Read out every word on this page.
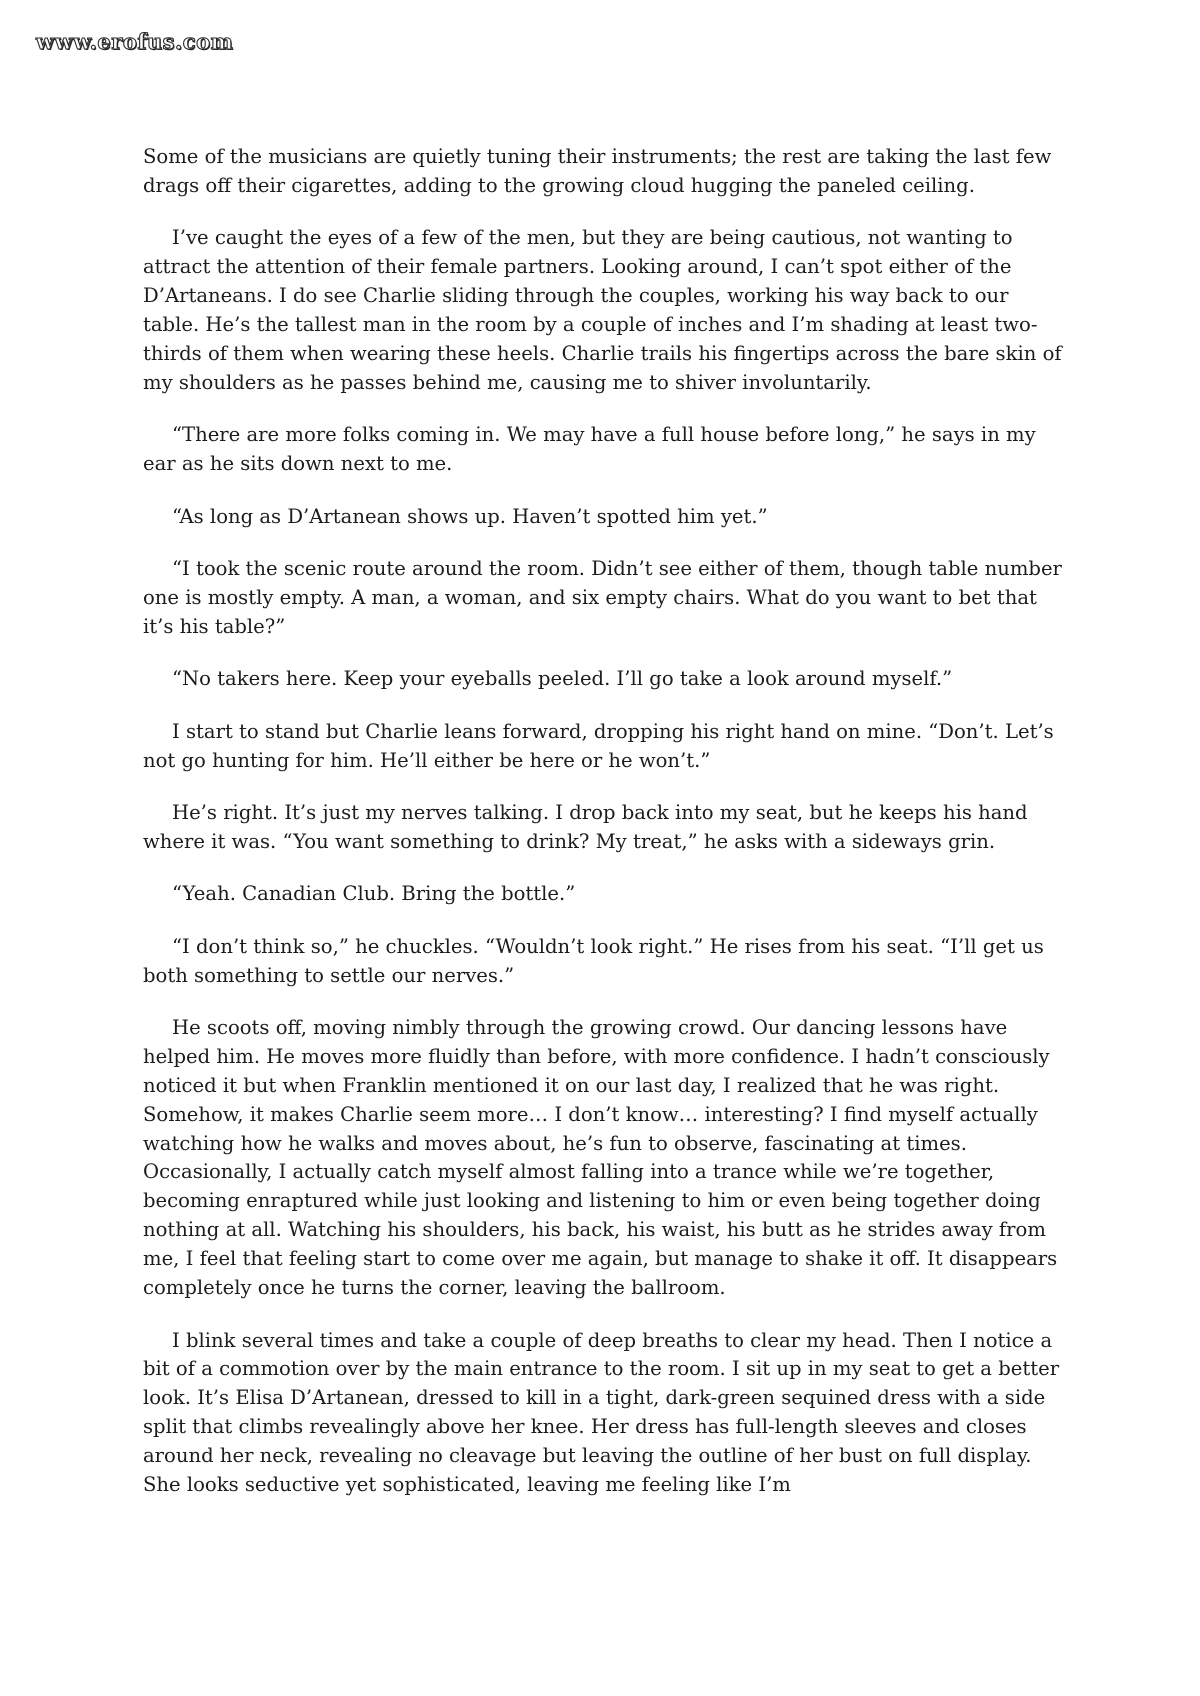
www.erofus.com

Some of the musicians are quietly tuning their instruments; the rest are taking the last few drags off their cigarettes, adding to the growing cloud hugging the paneled ceiling.

I’ve caught the eyes of a few of the men, but they are being cautious, not wanting to attract the attention of their female partners. Looking around, I can’t spot either of the D’Artaneans. I do see Charlie sliding through the couples, working his way back to our table. He’s the tallest man in the room by a couple of inches and I’m shading at least two-thirds of them when wearing these heels. Charlie trails his fingertips across the bare skin of my shoulders as he passes behind me, causing me to shiver involuntarily.

“There are more folks coming in. We may have a full house before long,” he says in my ear as he sits down next to me.

“As long as D’Artanean shows up. Haven’t spotted him yet.”

“I took the scenic route around the room. Didn’t see either of them, though table number one is mostly empty. A man, a woman, and six empty chairs. What do you want to bet that it’s his table?”

“No takers here. Keep your eyeballs peeled. I’ll go take a look around myself.”

I start to stand but Charlie leans forward, dropping his right hand on mine. “Don’t. Let’s not go hunting for him. He’ll either be here or he won’t.”

He’s right. It’s just my nerves talking. I drop back into my seat, but he keeps his hand where it was. “You want something to drink? My treat,” he asks with a sideways grin.

“Yeah. Canadian Club. Bring the bottle.”

“I don’t think so,” he chuckles. “Wouldn’t look right.” He rises from his seat. “I’ll get us both something to settle our nerves.”

He scoots off, moving nimbly through the growing crowd. Our dancing lessons have helped him. He moves more fluidly than before, with more confidence. I hadn’t consciously noticed it but when Franklin mentioned it on our last day, I realized that he was right. Somehow, it makes Charlie seem more… I don’t know… interesting? I find myself actually watching how he walks and moves about, he’s fun to observe, fascinating at times. Occasionally, I actually catch myself almost falling into a trance while we’re together, becoming enraptured while just looking and listening to him or even being together doing nothing at all. Watching his shoulders, his back, his waist, his butt as he strides away from me, I feel that feeling start to come over me again, but manage to shake it off. It disappears completely once he turns the corner, leaving the ballroom.

I blink several times and take a couple of deep breaths to clear my head. Then I notice a bit of a commotion over by the main entrance to the room. I sit up in my seat to get a better look. It’s Elisa D’Artanean, dressed to kill in a tight, dark-green sequined dress with a side split that climbs revealingly above her knee. Her dress has full-length sleeves and closes around her neck, revealing no cleavage but leaving the outline of her bust on full display. She looks seductive yet sophisticated, leaving me feeling like I’m
